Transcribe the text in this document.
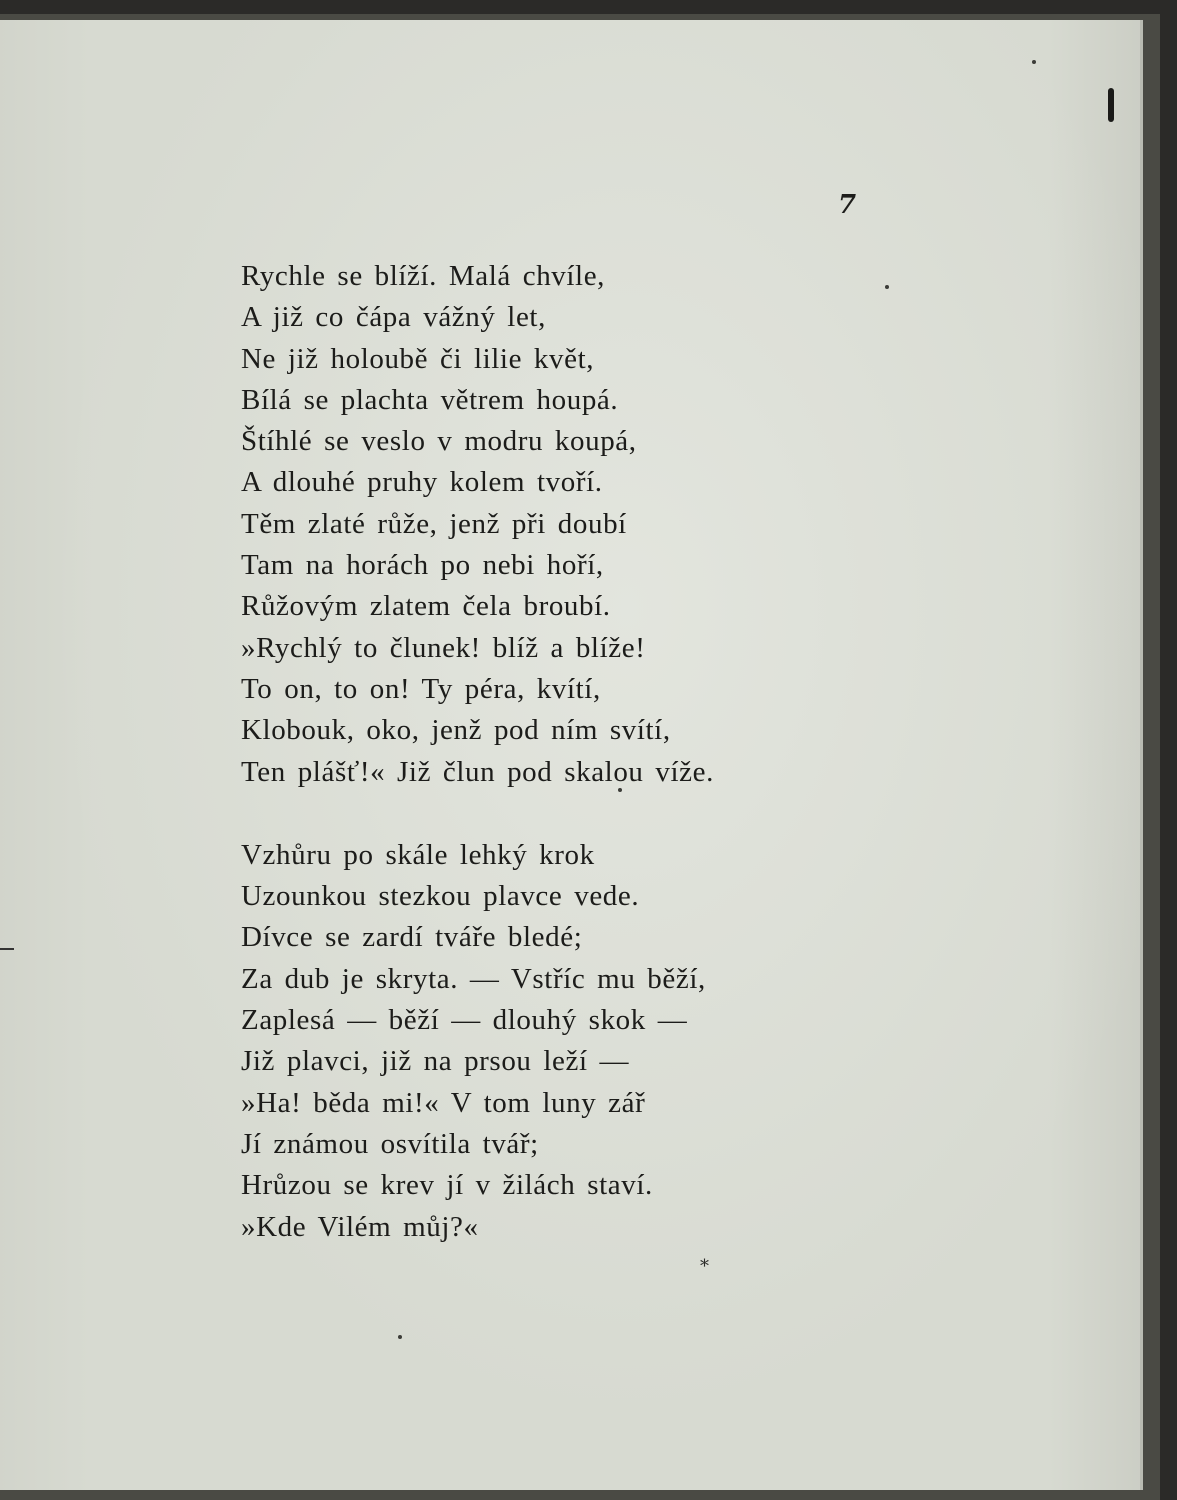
7
Rychle se blíží. Malá chvíle,
A již co čápa vážný let,
Ne již holoubě či lilie květ,
Bílá se plachta větrem houpá.
Štíhlé se veslo v modru koupá,
A dlouhé pruhy kolem tvoří.
Těm zlaté růže, jenž při doubí
Tam na horách po nebi hoří,
Růžovým zlatem čela broubí.
»Rychlý to člunek! blíž a blíže!
To on, to on! Ty péra, kvítí,
Klobouk, oko, jenž pod ním svítí,
Ten plášť!« Již člun pod skalou víže.
Vzhůru po skále lehký krok
Uzounkou stezkou plavce vede.
Dívce se zardí tváře bledé;
Za dub je skryta. — Vstříc mu běží,
Zaplesá — běží — dlouhý skok —
Již plavci, již na prsou leží —
»Ha! běda mi!« V tom luny zář
Jí známou osvítila tvář;
Hrůzou se krev jí v žilách staví.
»Kde Vilém můj?«
*
